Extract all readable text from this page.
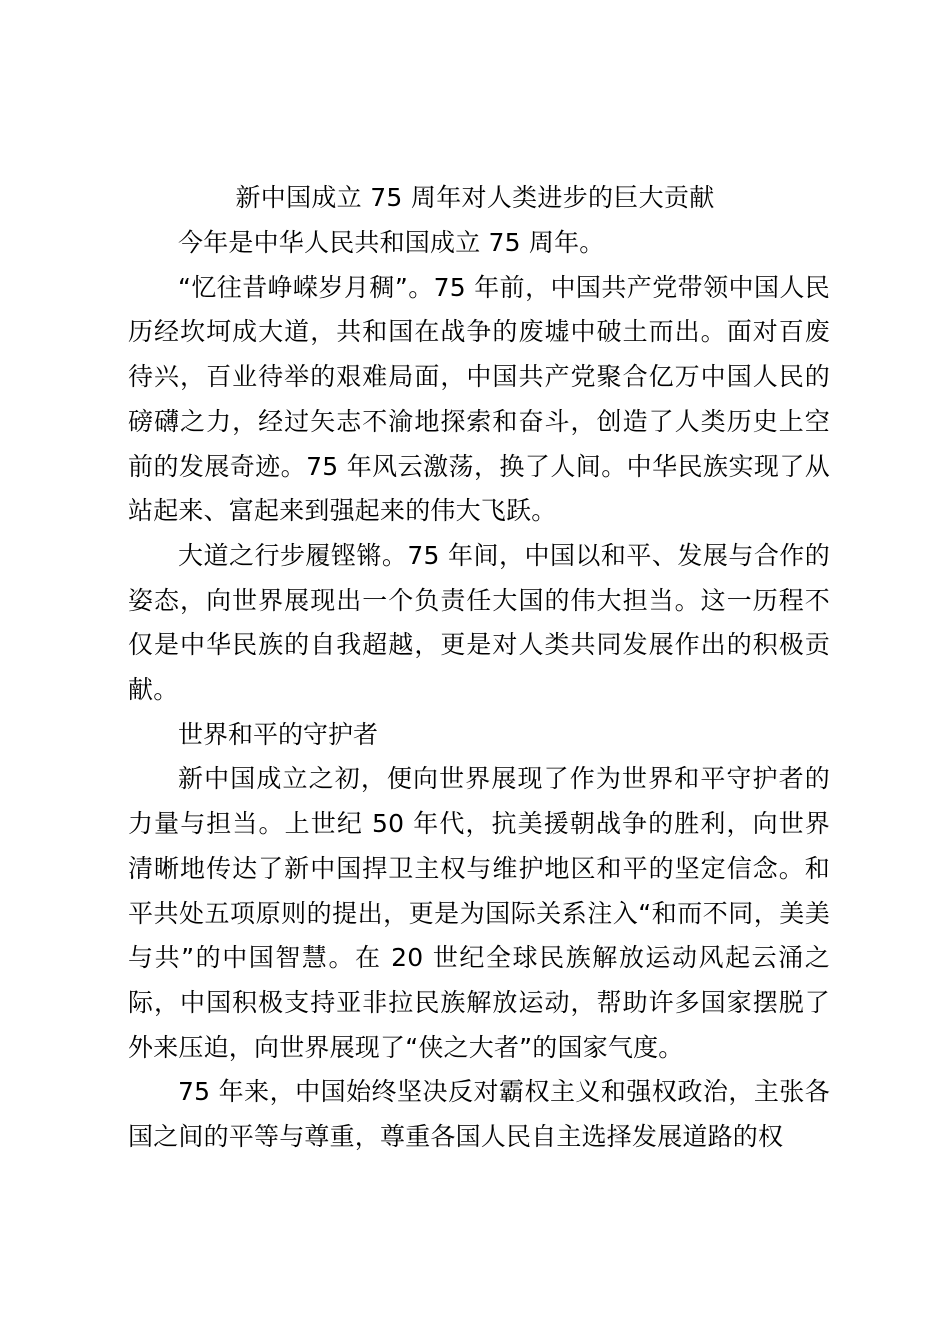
新中国成立 75 周年对人类进步的巨大贡献

今年是中华人民共和国成立 75 周年。

“忆往昔峥嵘岁月稠”。75 年前，中国共产党带领中国人民历经坎坷成大道，共和国在战争的废墟中破土而出。面对百废待兴，百业待举的艰难局面，中国共产党聚合亿万中国人民的磅礴之力，经过矢志不渝地探索和奋斗，创造了人类历史上空前的发展奇迹。75 年风云激荡，换了人间。中华民族实现了从站起来、富起来到强起来的伟大飞跃。

大道之行步履铿锵。75 年间，中国以和平、发展与合作的姿态，向世界展现出一个负责任大国的伟大担当。这一历程不仅是中华民族的自我超越，更是对人类共同发展作出的积极贡献。

世界和平的守护者

新中国成立之初，便向世界展现了作为世界和平守护者的力量与担当。上世纪 50 年代，抗美援朝战争的胜利，向世界清晰地传达了新中国捍卫主权与维护地区和平的坚定信念。和平共处五项原则的提出，更是为国际关系注入“和而不同，美美与共”的中国智慧。在 20 世纪全球民族解放运动风起云涌之际，中国积极支持亚非拉民族解放运动，帮助许多国家摆脱了外来压迫，向世界展现了“侠之大者”的国家气度。

75 年来，中国始终坚决反对霸权主义和强权政治，主张各国之间的平等与尊重，尊重各国人民自主选择发展道路的权
